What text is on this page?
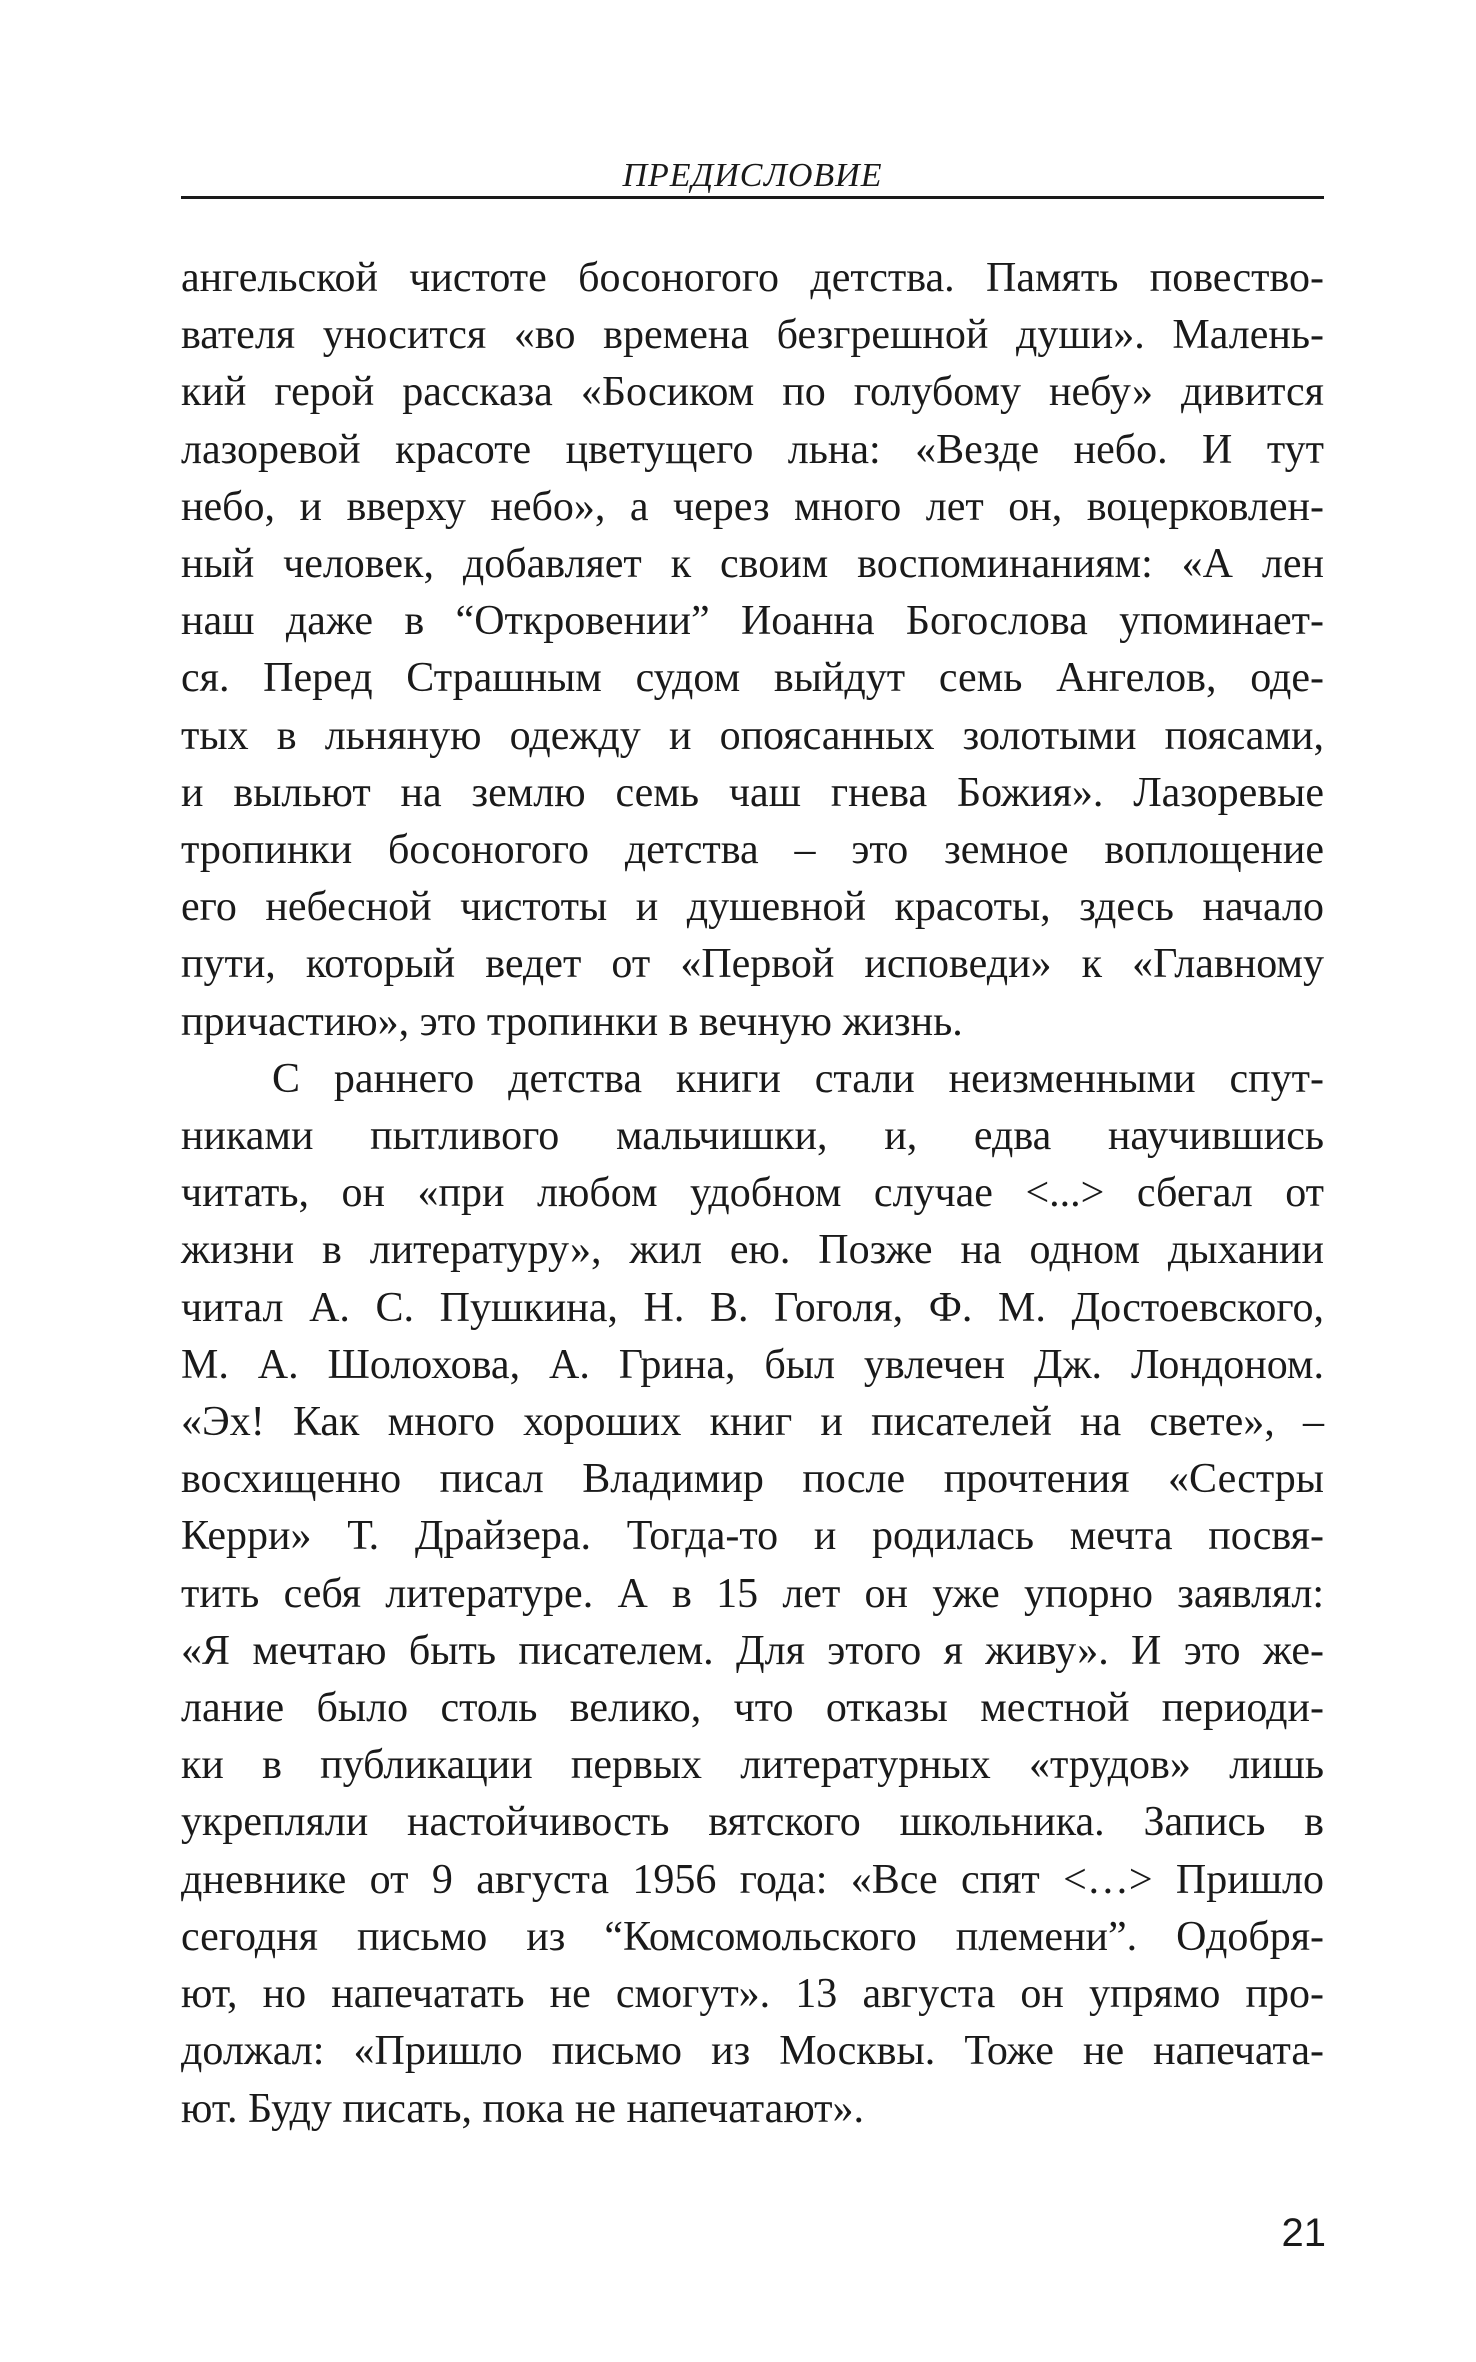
ПРЕДИСЛОВИЕ
ангельской чистоте босоногого детства. Память повество-
вателя уносится «во времена безгрешной души». Малень-
кий герой рассказа «Босиком по голубому небу» дивится
лазоревой красоте цветущего льна: «Везде небо. И тут
небо, и вверху небо», а через много лет он, воцерковлен-
ный человек, добавляет к своим воспоминаниям: «А лен
наш даже в “Откровении” Иоанна Богослова упоминает-
ся. Перед Страшным судом выйдут семь Ангелов, оде-
тых в льняную одежду и опоясанных золотыми поясами,
и выльют на землю семь чаш гнева Божия». Лазоревые
тропинки босоногого детства – это земное воплощение
его небесной чистоты и душевной красоты, здесь начало
пути, который ведет от «Первой исповеди» к «Главному
причастию», это тропинки в вечную жизнь.
С раннего детства книги стали неизменными спут-
никами пытливого мальчишки, и, едва научившись
читать, он «при любом удобном случае <...> сбегал от
жизни в литературу», жил ею. Позже на одном дыхании
читал А. С. Пушкина, Н. В. Гоголя, Ф. М. Достоевского,
М. А. Шолохова, А. Грина, был увлечен Дж. Лондоном.
«Эх! Как много хороших книг и писателей на свете», –
восхищенно писал Владимир после прочтения «Сестры
Керри» Т. Драйзера. Тогда-то и родилась мечта посвя-
тить себя литературе. А в 15 лет он уже упорно заявлял:
«Я мечтаю быть писателем. Для этого я живу». И это же-
лание было столь велико, что отказы местной периоди-
ки в публикации первых литературных «трудов» лишь
укрепляли настойчивость вятского школьника. Запись в
дневнике от 9 августа 1956 года: «Все спят <…> Пришло
сегодня письмо из “Комсомольского племени”. Одобря-
ют, но напечатать не смогут». 13 августа он упрямо про-
должал: «Пришло письмо из Москвы. Тоже не напечата-
ют. Буду писать, пока не напечатают».
21
